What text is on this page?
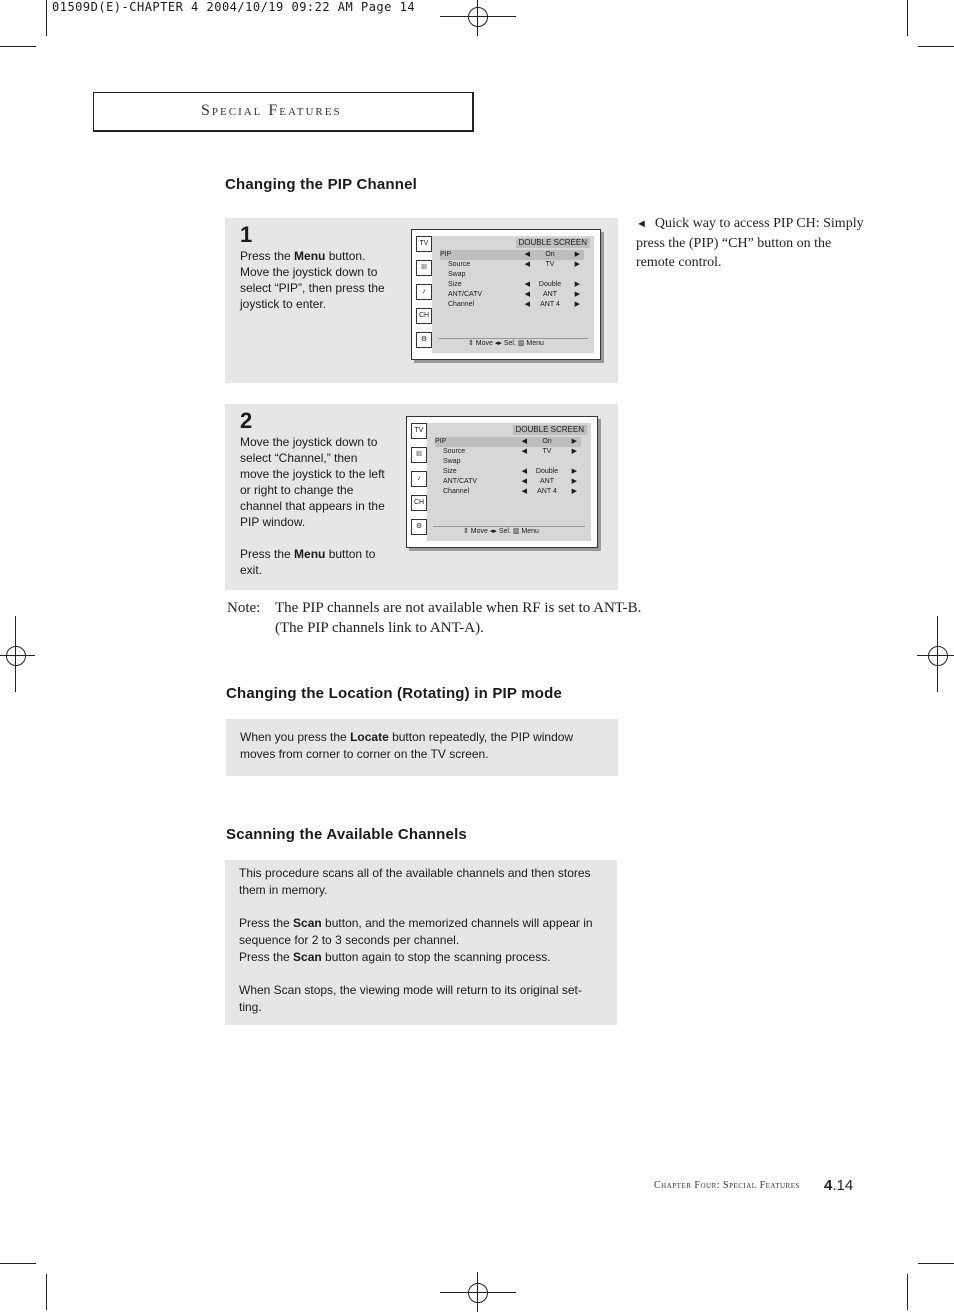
01509D(E)-CHAPTER 4 2004/10/19 09:22 AM Page 14
Special Features
Changing the PIP Channel
◄ Quick way to access PIP CH: Simply press the (PIP) “CH” button on the remote control.
1
Press the Menu button. Move the joystick down to select “PIP”, then press the joystick to enter.
TV
III
♪
CH
⚙
DOUBLE SCREEN
PIP	◀	On	▶
Source	◀	TV	▶
Swap
Size	◀	Double	▶
ANT/CATV	◀	ANT	▶
Channel	◀	ANT 4	▶
⇕ Move ◂▸ Sel. ▥ Menu
2
Move the joystick down to select “Channel,” then move the joystick to the left or right to change the channel that appears in the PIP window.
Press the Menu button to exit.
TV
III
♪
CH
⚙
DOUBLE SCREEN
PIP	◀	On	▶
Source	◀	TV	▶
Swap
Size	◀	Double	▶
ANT/CATV	◀	ANT	▶
Channel	◀	ANT 4	▶
⇕ Move ◂▸ Sel. ▥ Menu
Note: The PIP channels are not available when RF is set to ANT-B.
(The PIP channels link to ANT-A).
Changing the Location (Rotating) in PIP mode
When you press the Locate button repeatedly, the PIP window moves from corner to corner on the TV screen.
Scanning the Available Channels
This procedure scans all of the available channels and then stores them in memory.
Press the Scan button, and the memorized channels will appear in sequence for 2 to 3 seconds per channel.
Press the Scan button again to stop the scanning process.
When Scan stops, the viewing mode will return to its original set-ting.
Chapter Four: Special Features 4.14
